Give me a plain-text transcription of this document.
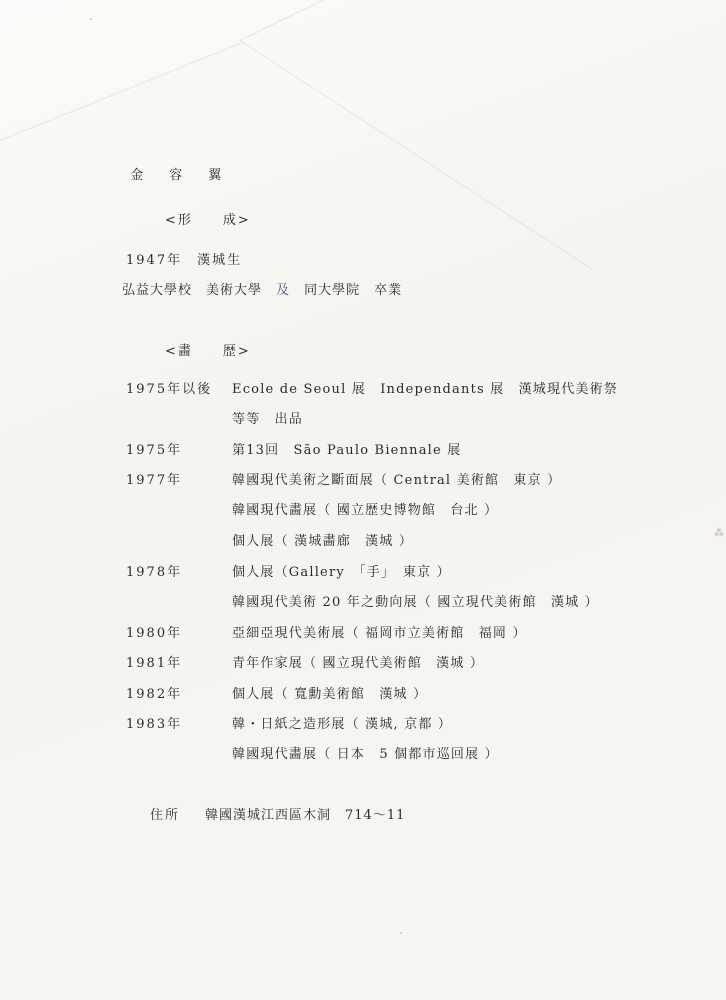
⁂

金 容 翼

<形　　成>
1947年　漢城生
弘益大學校　美術大學　 及　 同大學院　卒業
<畵　　歴>
1975年以後 Ecole de Seoul 展　Independants 展　漢城現代美術祭
等等　出品
1975年	第13回　São Paulo Biennale 展
1977年	韓國現代美術之斷面展（ Central 美術館　東京 ）
韓國現代畵展（ 國立歴史博物館　台北 ）
個人展（ 漢城畵廊　漢城 ）
1978年	個人展（Gallery　「手」　東京 ）
韓國現代美術 20 年之動向展（ 國立現代美術館　漢城 ）
1980年	亞細亞現代美術展（ 福岡市立美術館　福岡 ）
1981年	青年作家展（ 國立現代美術館　漢城 ）
1982年	個人展（ 寬勳美術館　漢城 ）
1983年	韓・日紙之造形展（ 漢城, 京都 ）
韓國現代畵展（ 日本　5 個都市巡回展 ）
住所 韓國漢城江西區木洞　714〜11
